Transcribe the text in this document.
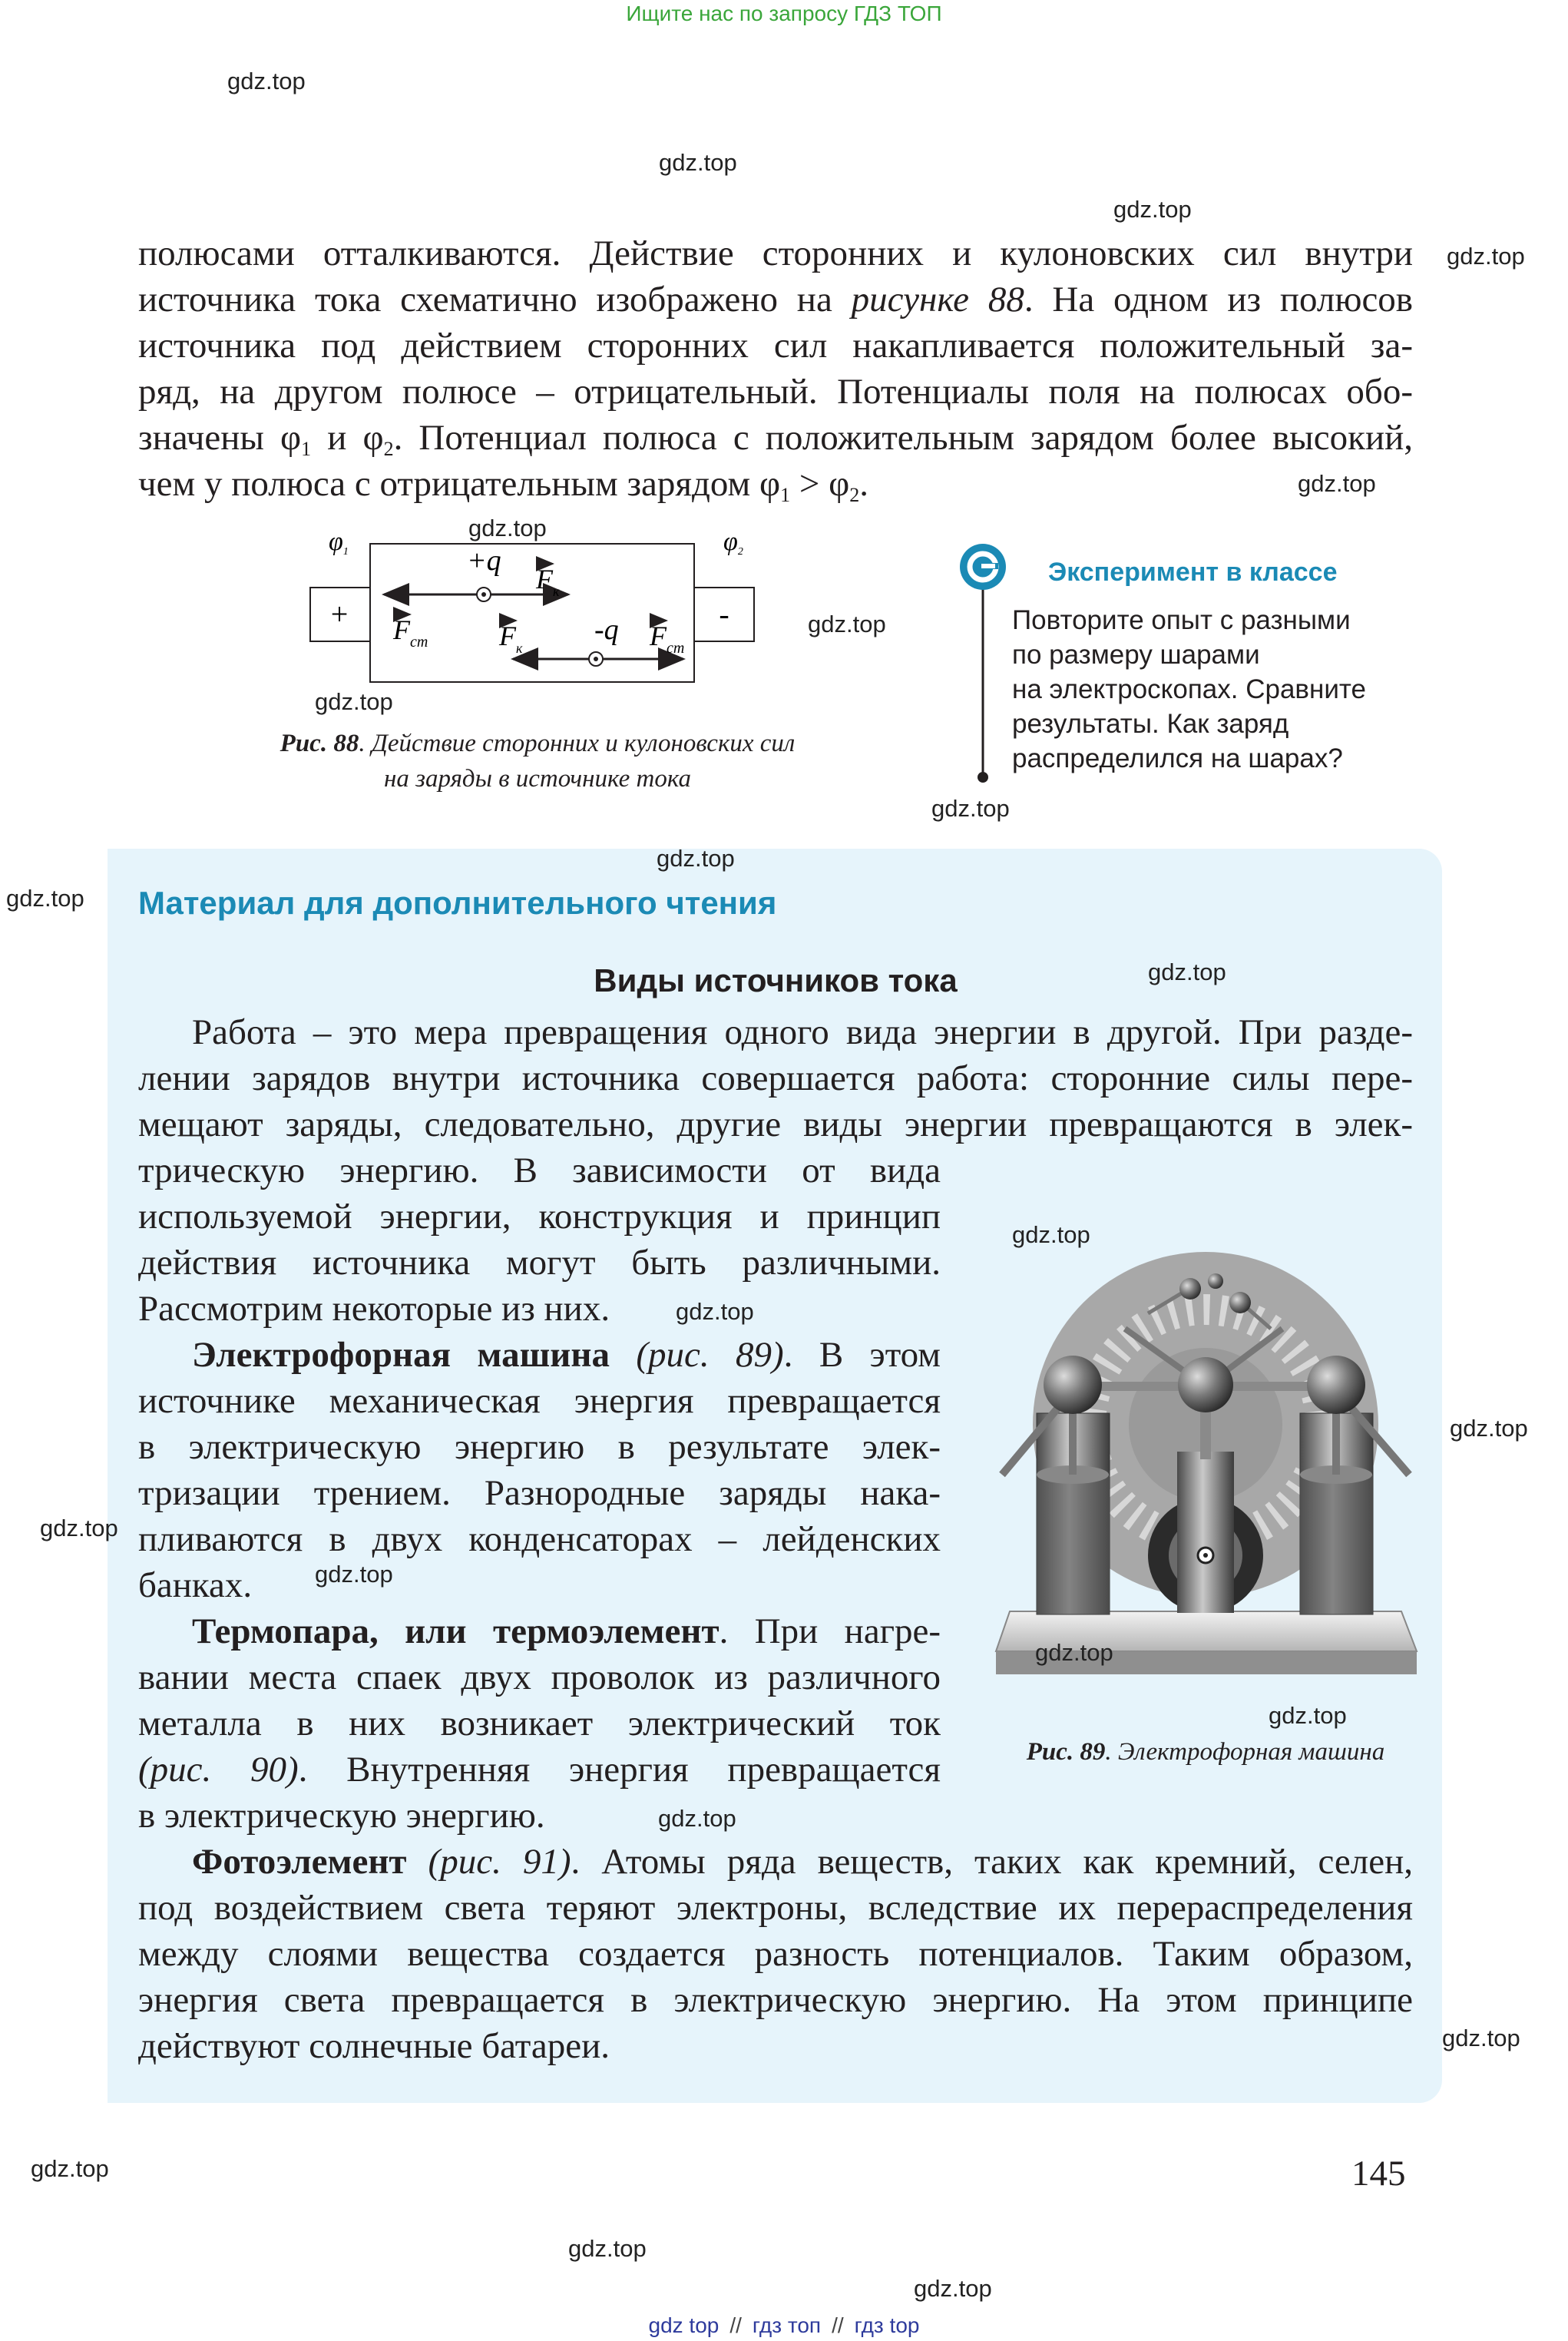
Ищите нас по запросу ГДЗ ТОП
полюсами отталкиваются. Действие сторонних и кулоновских сил внутри
источника тока схематично изображено на рисунке 88. На одном из полюсов
источника под действием сторонних сил накапливается положительный за-
ряд, на другом полюсе – отрицательный. Потенциалы поля на полюсах обо-
значены $\varphi_1$ и $\varphi_2$. Потенциал полюса с положительным зарядом более высокий,
чем у полюса с отрицательным зарядом $\varphi_1 > \varphi_2$.
+	-
φ1	φ2
+q
$F_к$
$F_{ст}$	-q
$F_к$	$F_{ст}$
Рис. 88. Действие сторонних и кулоновских сил
на заряды в источнике тока
Эксперимент в классе
Повторите опыт с разными
по размеру шарами
на электроскопах. Сравните
результаты. Как заряд
распределился на шарах?
Материал для дополнительного чтения
Виды источников тока
Работа – это мера превращения одного вида энергии в другой. При разде-
лении зарядов внутри источника совершается работа: сторонние силы пере-
мещают заряды, следовательно, другие виды энергии превращаются в элек-
трическую энергию. В зависимости от вида
используемой энергии, конструкция и принцип
действия источника могут быть различными.
Рассмотрим некоторые из них.
Электрофорная машина (рис. 89). В этом
источнике механическая энергия превращается
в электрическую энергию в результате элек-
тризации трением. Разнородные заряды нака-
пливаются в двух конденсаторах – лейденских
банках.
Термопара, или термоэлемент. При нагре-
вании места спаек двух проволок из различного
металла в них возникает электрический ток
(рис. 90). Внутренняя энергия превращается
в электрическую энергию.
Фотоэлемент (рис. 91). Атомы ряда веществ, таких как кремний, селен,
под воздействием света теряют электроны, вследствие их перераспределения
между слоями вещества создается разность потенциалов. Таким образом,
энергия света превращается в электрическую энергию. На этом принципе
действуют солнечные батареи.
Рис. 89. Электрофорная машина
145
gdz.top
gdz.top
gdz.top
gdz.top
gdz.top
gdz.top
gdz.top
gdz.top
gdz.top
gdz.top
gdz.top
gdz.top
gdz.top
gdz.top
gdz.top
gdz.top
gdz.top
gdz.top
gdz.top
gdz.top
gdz.top
gdz.top
gdz.top
gdz.top
gdz top // гдз топ // гдз top
